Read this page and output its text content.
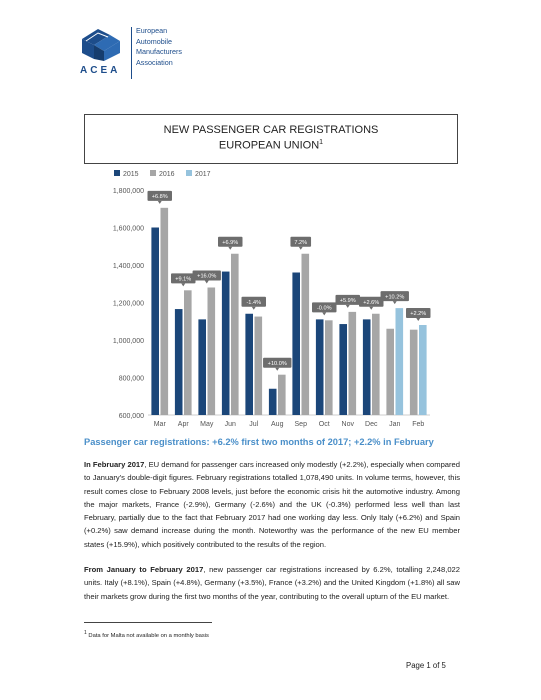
ACEA
European
Automobile
Manufacturers
Association
NEW PASSENGER CAR REGISTRATIONS
EUROPEAN UNION$^1$
600,000
800,000
1,000,000
1,200,000
1,400,000
1,600,000
1,800,000
2015	2016	2017
Mar Apr May Jun Jul Aug Sep Oct Nov Dec Jan Feb
+6.8%
+9.1% +16.0%
+6.9%
-1.4%
+10.0%
7.2%
-0.0%
+5.9% +2.6%
+10.2%
+2.2%
Passenger car registrations: +6.2% first two months of 2017; +2.2% in February
In February 2017, EU demand for passenger cars increased only modestly (+2.2%), especially when compared to January's double-digit figures. February registrations totalled 1,078,490 units. In volume terms, however, this result comes close to February 2008 levels, just before the economic crisis hit the automotive industry. Among the major markets, France (-2.9%), Germany (-2.6%) and the UK (-0.3%) performed less well than last February, partially due to the fact that February 2017 had one working day less. Only Italy (+6.2%) and Spain (+0.2%) saw demand increase during the month. Noteworthy was the performance of the new EU member states (+15.9%), which positively contributed to the results of the region.
From January to February 2017, new passenger car registrations increased by 6.2%, totalling 2,248,022 units. Italy (+8.1%), Spain (+4.8%), Germany (+3.5%), France (+3.2%) and the United Kingdom (+1.8%) all saw their markets grow during the first two months of the year, contributing to the overall upturn of the EU market.
$^1$ Data for Malta not available on a monthly basis
Page 1 of 5
